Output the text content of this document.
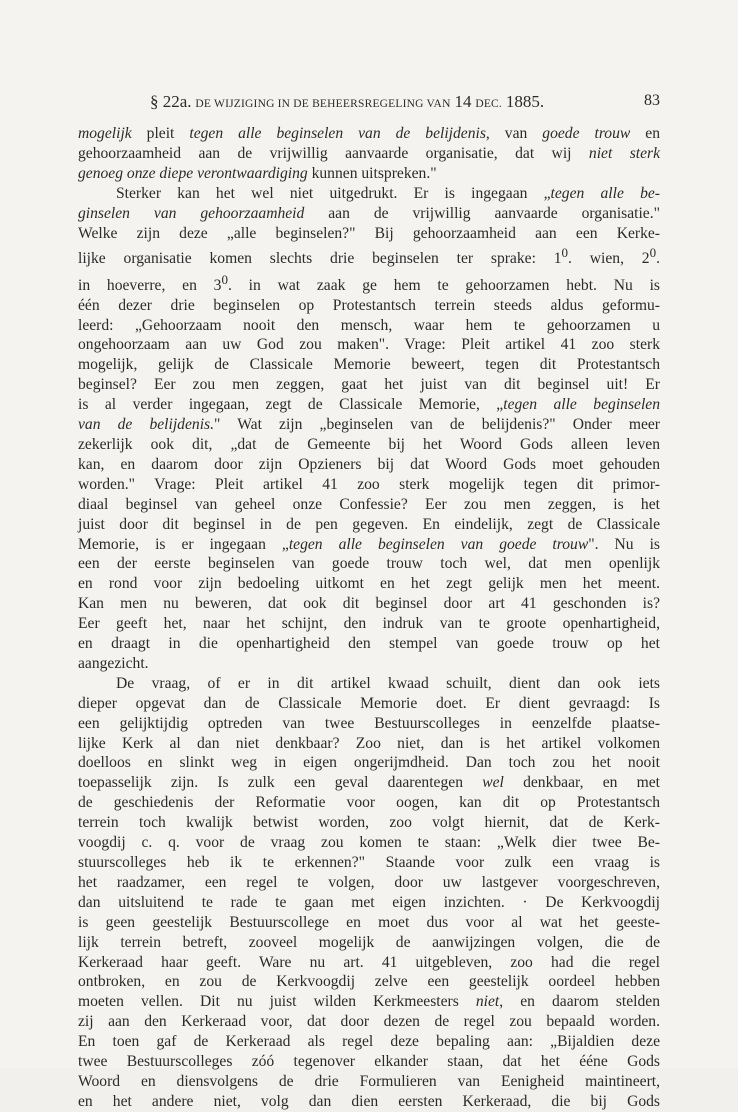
§ 22a. DE WIJZIGING IN DE BEHEERSREGELING VAN 14 DEC. 1885.	83
mogelijk pleit tegen alle beginselen van de belijdenis, van goede trouw en
gehoorzaamheid aan de vrijwillig aanvaarde organisatie, dat wij niet sterk
genoeg onze diepe verontwaardiging kunnen uitspreken."
Sterker kan het wel niet uitgedrukt. Er is ingegaan „tegen alle be-
ginselen van gehoorzaamheid aan de vrijwillig aanvaarde organisatie."
Welke zijn deze „alle beginselen?" Bij gehoorzaamheid aan een Kerke-
lijke organisatie komen slechts drie beginselen ter sprake: $1^0$. wien, $2^0$.
in hoeverre, en $3^0$. in wat zaak ge hem te gehoorzamen hebt. Nu is
één dezer drie beginselen op Protestantsch terrein steeds aldus geformu-
leerd: „Gehoorzaam nooit den mensch, waar hem te gehoorzamen u
ongehoorzaam aan uw God zou maken". Vrage: Pleit artikel 41 zoo sterk
mogelijk, gelijk de Classicale Memorie beweert, tegen dit Protestantsch
beginsel? Eer zou men zeggen, gaat het juist van dit beginsel uit! Er
is al verder ingegaan, zegt de Classicale Memorie, „tegen alle beginselen
van de belijdenis." Wat zijn „beginselen van de belijdenis?" Onder meer
zekerlijk ook dit, „dat de Gemeente bij het Woord Gods alleen leven
kan, en daarom door zijn Opzieners bij dat Woord Gods moet gehouden
worden." Vrage: Pleit artikel 41 zoo sterk mogelijk tegen dit primor-
diaal beginsel van geheel onze Confessie? Eer zou men zeggen, is het
juist door dit beginsel in de pen gegeven. En eindelijk, zegt de Classicale
Memorie, is er ingegaan „tegen alle beginselen van goede trouw". Nu is
een der eerste beginselen van goede trouw toch wel, dat men openlijk
en rond voor zijn bedoeling uitkomt en het zegt gelijk men het meent.
Kan men nu beweren, dat ook dit beginsel door art 41 geschonden is?
Eer geeft het, naar het schijnt, den indruk van te groote openhartigheid,
en draagt in die openhartigheid den stempel van goede trouw op het
aangezicht.
De vraag, of er in dit artikel kwaad schuilt, dient dan ook iets
dieper opgevat dan de Classicale Memorie doet. Er dient gevraagd: Is
een gelijktijdig optreden van twee Bestuurscolleges in eenzelfde plaatse-
lijke Kerk al dan niet denkbaar? Zoo niet, dan is het artikel volkomen
doelloos en slinkt weg in eigen ongerijmdheid. Dan toch zou het nooit
toepasselijk zijn. Is zulk een geval daarentegen wel denkbaar, en met
de geschiedenis der Reformatie voor oogen, kan dit op Protestantsch
terrein toch kwalijk betwist worden, zoo volgt hiernit, dat de Kerk-
voogdij c. q. voor de vraag zou komen te staan: „Welk dier twee Be-
stuurscolleges heb ik te erkennen?" Staande voor zulk een vraag is
het raadzamer, een regel te volgen, door uw lastgever voorgeschreven,
dan uitsluitend te rade te gaan met eigen inzichten. · De Kerkvoogdij
is geen geestelijk Bestuurscollege en moet dus voor al wat het geeste-
lijk terrein betreft, zooveel mogelijk de aanwijzingen volgen, die de
Kerkeraad haar geeft. Ware nu art. 41 uitgebleven, zoo had die regel
ontbroken, en zou de Kerkvoogdij zelve een geestelijk oordeel hebben
moeten vellen. Dit nu juist wilden Kerkmeesters niet, en daarom stelden
zij aan den Kerkeraad voor, dat door dezen de regel zou bepaald worden.
En toen gaf de Kerkeraad als regel deze bepaling aan: „Bijaldien deze
twee Bestuurscolleges zóó tegenover elkander staan, dat het ééne Gods
Woord en diensvolgens de drie Formulieren van Eenigheid maintineert,
en het andere niet, volg dan dien eersten Kerkeraad, die bij Gods
